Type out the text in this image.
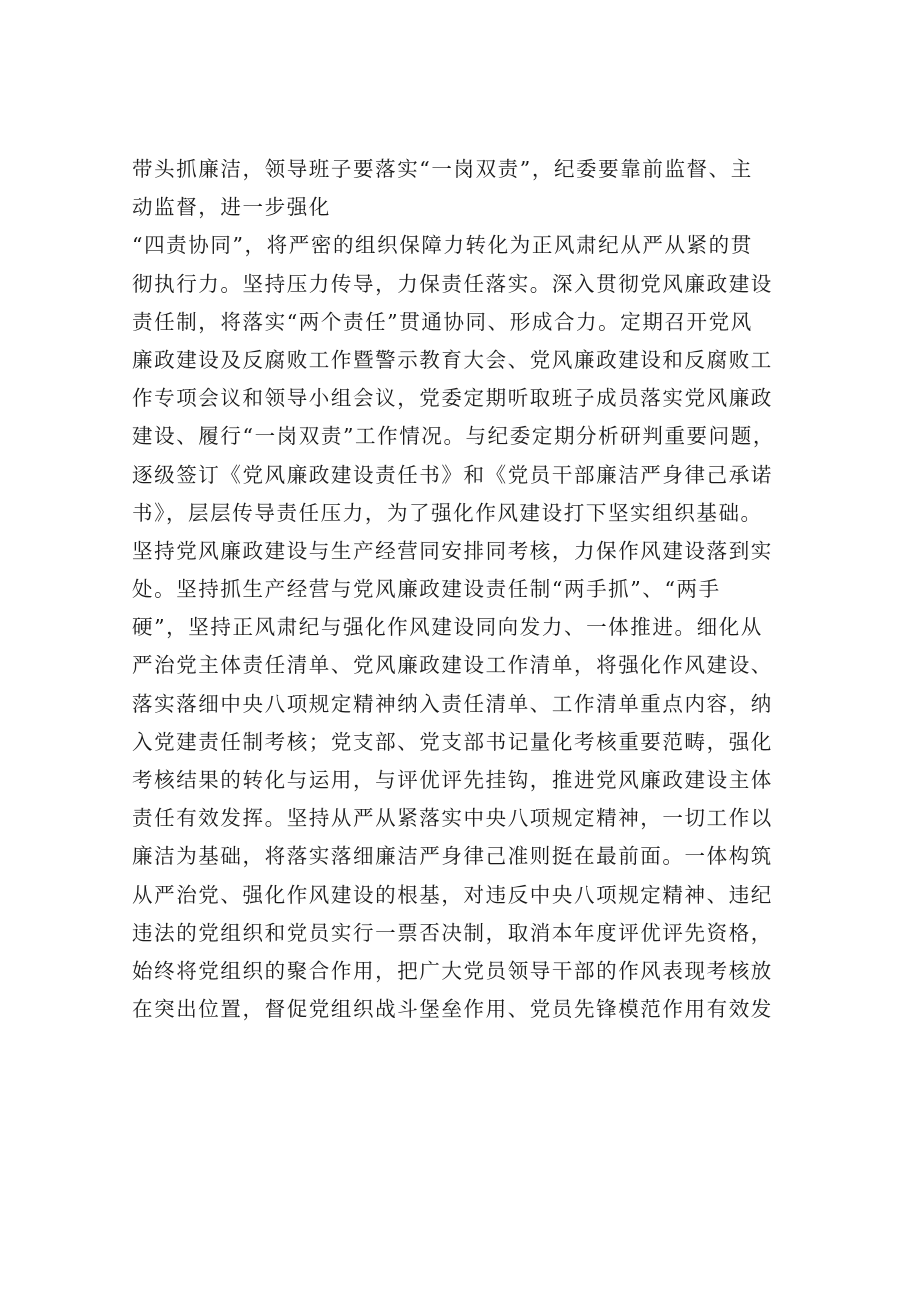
带头抓廉洁，领导班子要落实“一岗双责”，纪委要靠前监督、主
动监督，进一步强化
“四责协同”，将严密的组织保障力转化为正风肃纪从严从紧的贯
彻执行力。坚持压力传导，力保责任落实。深入贯彻党风廉政建设
责任制，将落实“两个责任”贯通协同、形成合力。定期召开党风
廉政建设及反腐败工作暨警示教育大会、党风廉政建设和反腐败工
作专项会议和领导小组会议，党委定期听取班子成员落实党风廉政
建设、履行“一岗双责”工作情况。与纪委定期分析研判重要问题，
逐级签订《党风廉政建设责任书》和《党员干部廉洁严身律己承诺
书》，层层传导责任压力，为了强化作风建设打下坚实组织基础。
坚持党风廉政建设与生产经营同安排同考核，力保作风建设落到实
处。坚持抓生产经营与党风廉政建设责任制“两手抓”、“两手
硬”，坚持正风肃纪与强化作风建设同向发力、一体推进。细化从
严治党主体责任清单、党风廉政建设工作清单，将强化作风建设、
落实落细中央八项规定精神纳入责任清单、工作清单重点内容，纳
入党建责任制考核；党支部、党支部书记量化考核重要范畴，强化
考核结果的转化与运用，与评优评先挂钩，推进党风廉政建设主体
责任有效发挥。坚持从严从紧落实中央八项规定精神，一切工作以
廉洁为基础，将落实落细廉洁严身律己准则挺在最前面。一体构筑
从严治党、强化作风建设的根基，对违反中央八项规定精神、违纪
违法的党组织和党员实行一票否决制，取消本年度评优评先资格，
始终将党组织的聚合作用，把广大党员领导干部的作风表现考核放
在突出位置，督促党组织战斗堡垒作用、党员先锋模范作用有效发
